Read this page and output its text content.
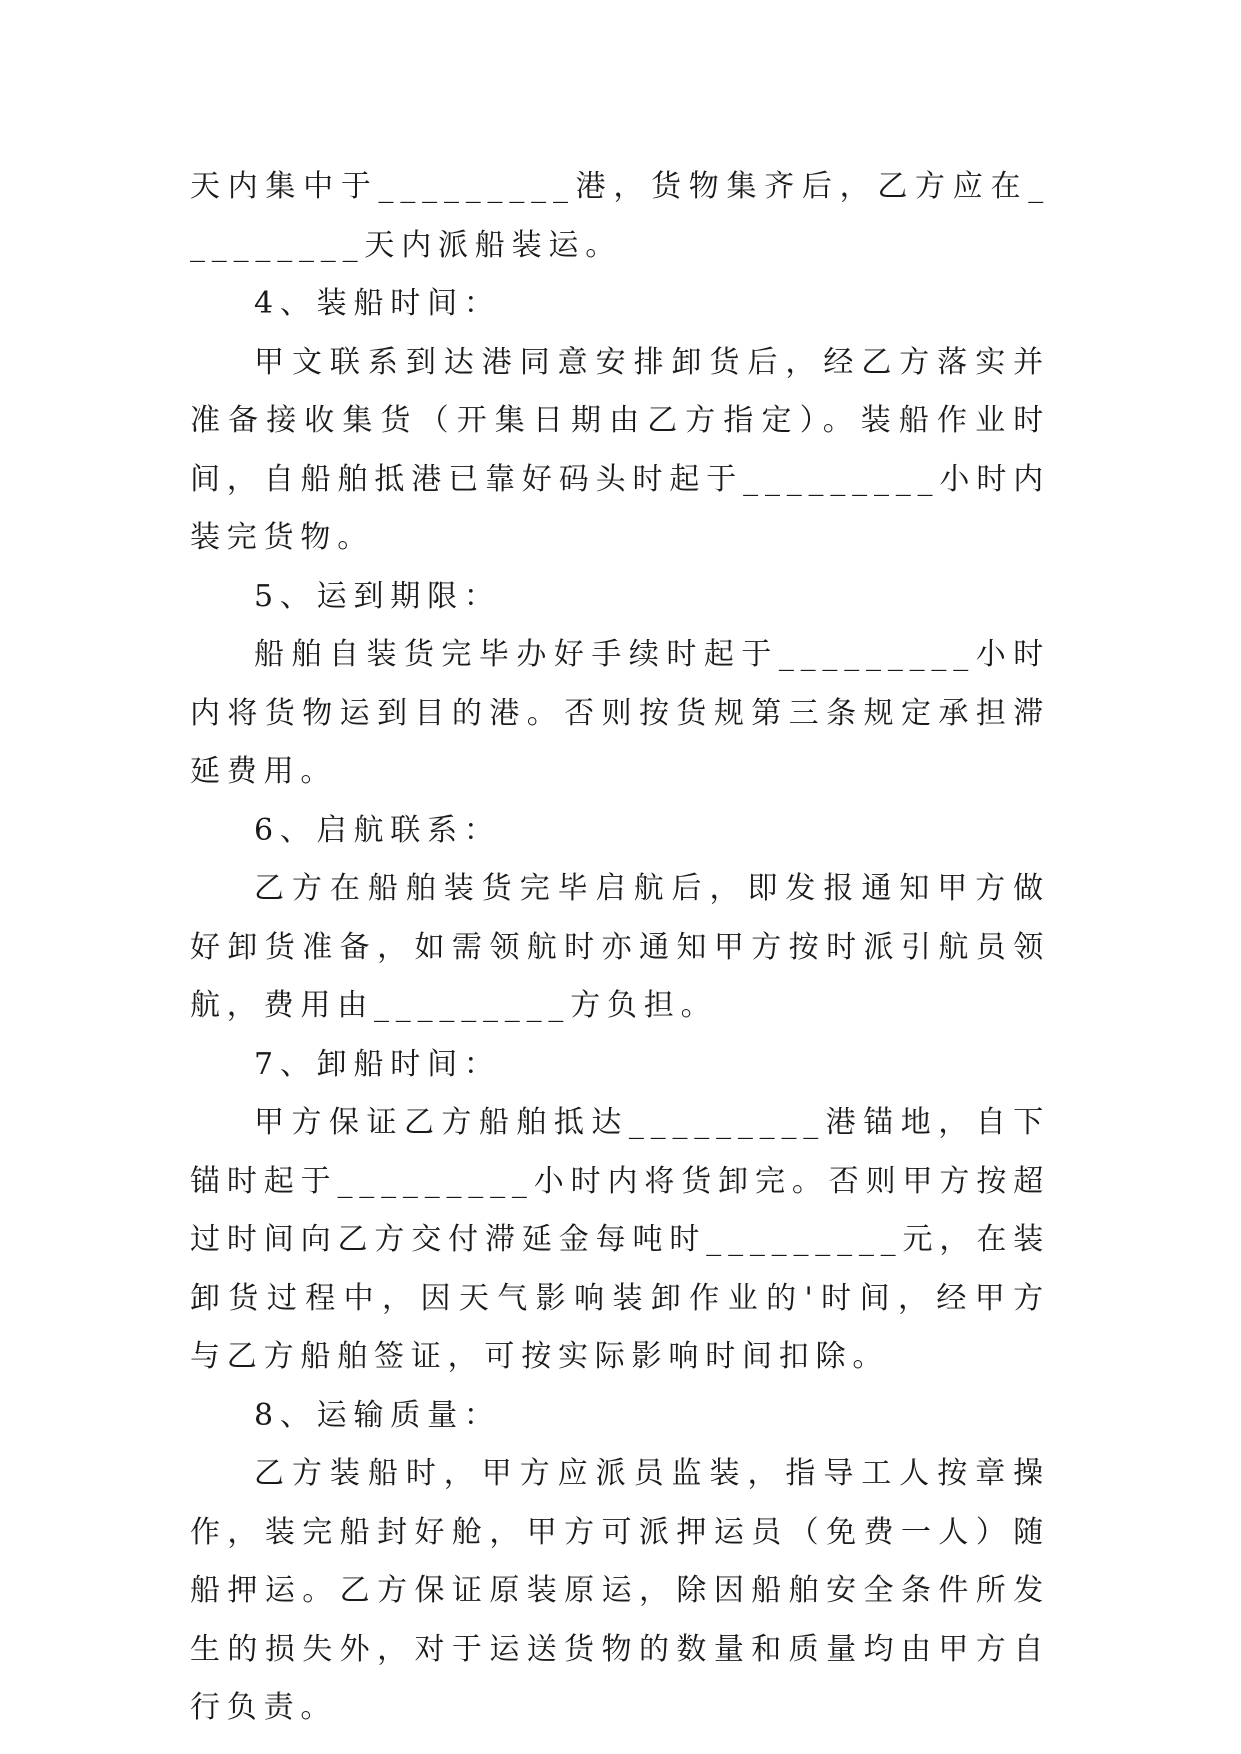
天内集中于_________港，货物集齐后，乙方应在_________天内派船装运。

4、装船时间：

甲文联系到达港同意安排卸货后，经乙方落实并准备接收集货（开集日期由乙方指定）。装船作业时间，自船舶抵港已靠好码头时起于_________小时内装完货物。

5、运到期限：

船舶自装货完毕办好手续时起于_________小时内将货物运到目的港。否则按货规第三条规定承担滞延费用。

6、启航联系：

乙方在船舶装货完毕启航后，即发报通知甲方做好卸货准备，如需领航时亦通知甲方按时派引航员领航，费用由_________方负担。

7、卸船时间：

甲方保证乙方船舶抵达_________港锚地，自下锚时起于_________小时内将货卸完。否则甲方按超过时间向乙方交付滞延金每吨时_________元，在装卸货过程中，因天气影响装卸作业的'时间，经甲方与乙方船舶签证，可按实际影响时间扣除。

8、运输质量：

乙方装船时，甲方应派员监装，指导工人按章操作，装完船封好舱，甲方可派押运员（免费一人）随船押运。乙方保证原装原运，除因船舶安全条件所发生的损失外，对于运送货物的数量和质量均由甲方自行负责。
